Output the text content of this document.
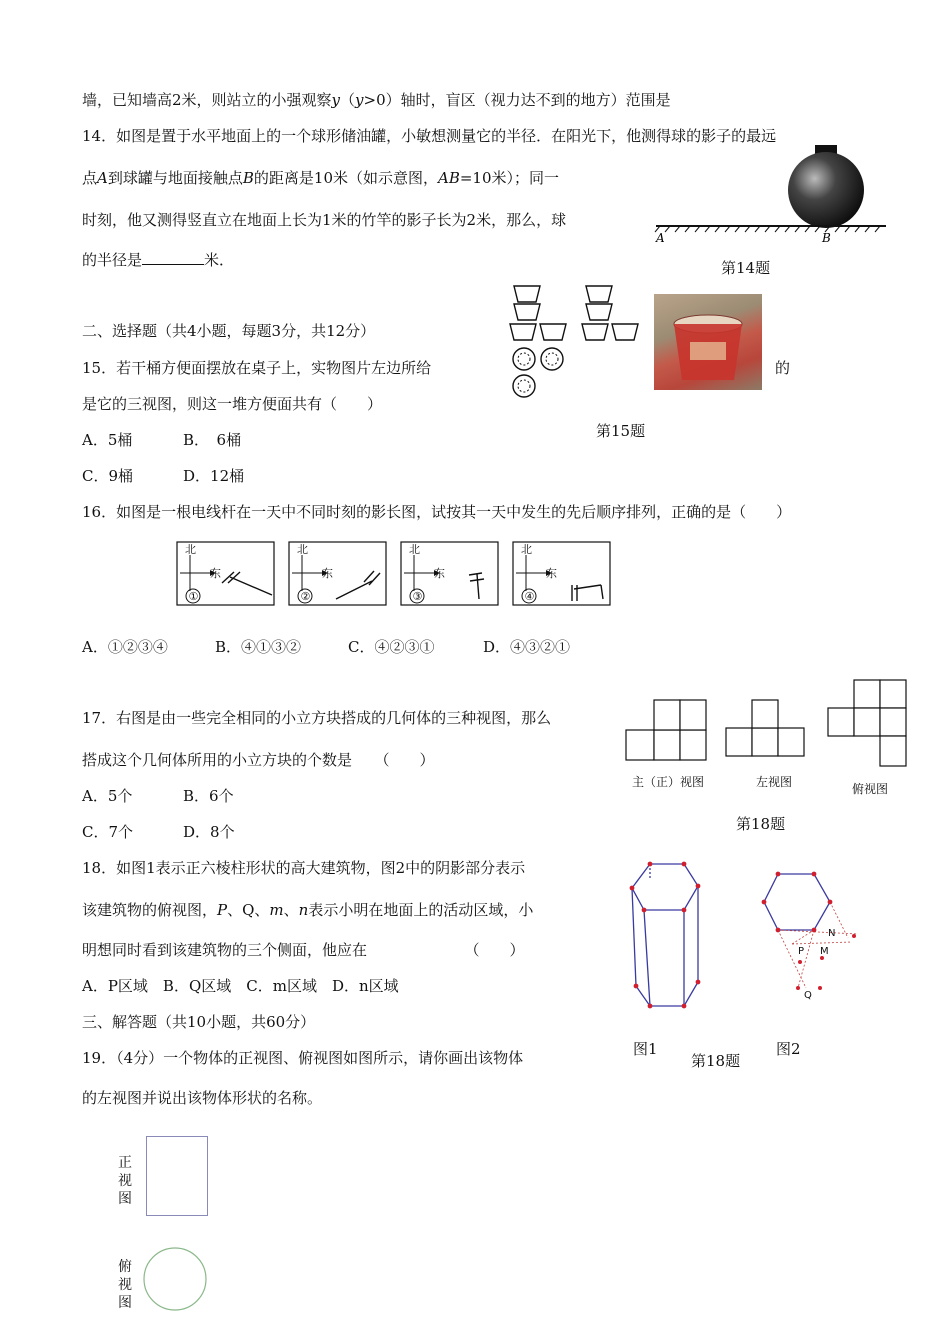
墙，已知墙高2米，则站立的小强观察y（y>0）轴时，盲区（视力达不到的地方）范围是
14．如图是置于水平地面上的一个球形储油罐，小敏想测量它的半径．在阳光下，他测得球的影子的最远
点A到球罐与地面接触点B的距离是10米（如示意图，AB=10米）；同一
时刻，他又测得竖直立在地面上长为1米的竹竿的影子长为2米，那么，球
的半径是	米．
A	B
第14题
二、选择题（共4小题，每题3分，共12分）
15．若干桶方便面摆放在桌子上，实物图片左边所给	的
是它的三视图，则这一堆方便面共有（　　）
A．5桶	B．　6桶
C．9桶	D．12桶
第15题
16．如图是一根电线杆在一天中不同时刻的影长图，试按其一天中发生的先后顺序排列，正确的是（　　）
北
东
①
北
东
②
北
东
③
北
东
④
A．①②③④	B．④①③②	C．④②③①	D．④③②①
17．右图是由一些完全相同的小立方块搭成的几何体的三种视图，那么
搭成这个几何体所用的小立方块的个数是　　（　　）
A．5个	B．6个
C．7个	D．8个
主（正）视图	左视图	俯视图
第18题
18．如图1表示正六棱柱形状的高大建筑物，图2中的阴影部分表示
该建筑物的俯视图，P、Q、m、n表示小明在地面上的活动区域，小
明想同时看到该建筑物的三个侧面，他应在　　　　　　　（　　）
A．P区域　B．Q区域　C．m区域　D．n区域
N
P M
Q
图1	图2
第18题
三、解答题（共10小题，共60分）
19．（4分）一个物体的正视图、俯视图如图所示，请你画出该物体
的左视图并说出该物体形状的名称。
正
视
图
俯
视
图
